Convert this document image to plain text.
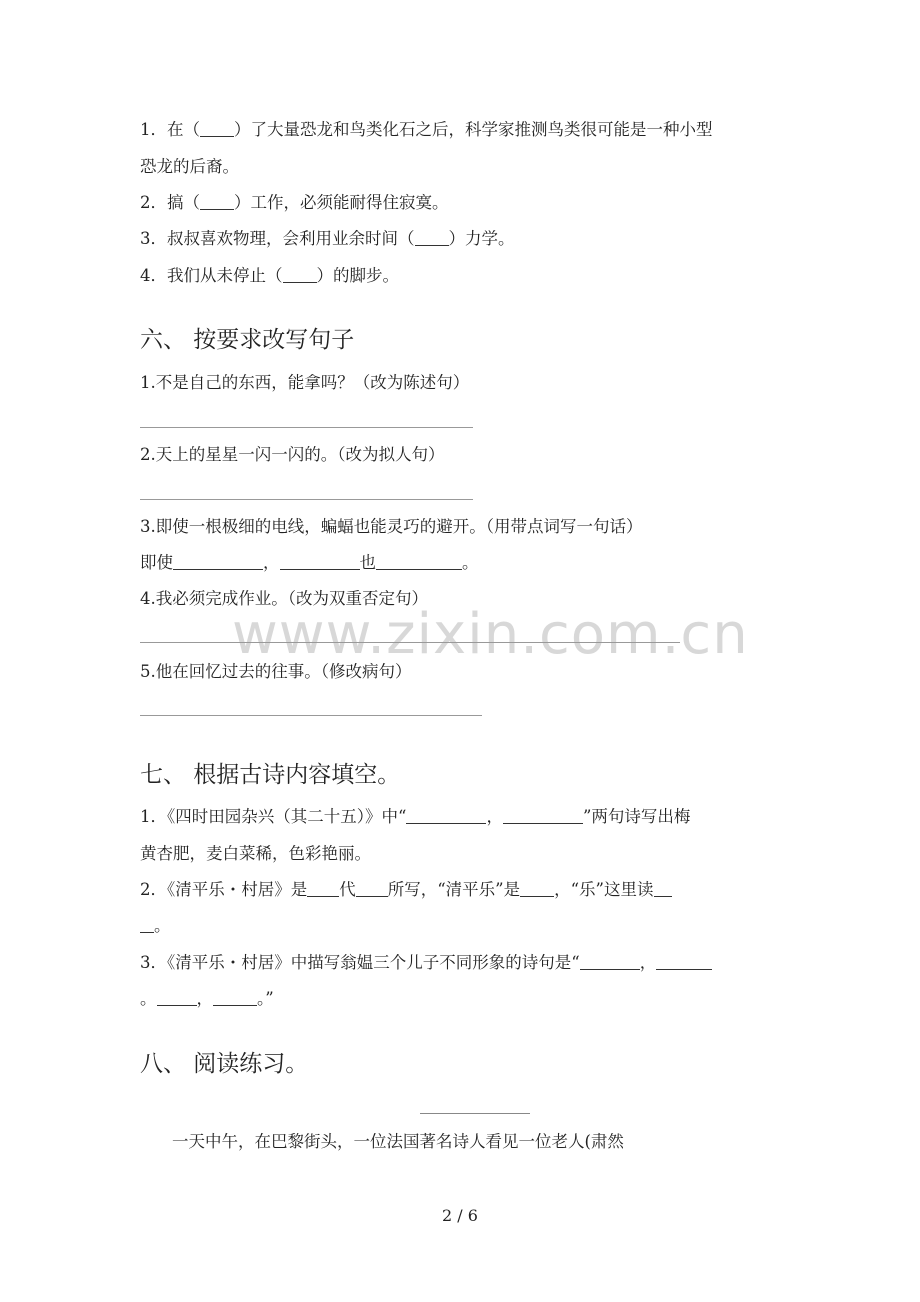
www.zixin.com.cn
1．在（ ）了大量恐龙和鸟类化石之后，科学家推测鸟类很可能是一种小型
恐龙的后裔。
2．搞（ ）工作，必须能耐得住寂寞。
3．叔叔喜欢物理，会利用业余时间（ ）力学。
4．我们从未停止（ ）的脚步。
六、 按要求改写句子
1.不是自己的东西，能拿吗？（改为陈述句）
2.天上的星星一闪一闪的。（改为拟人句）
3.即使一根极细的电线，蝙蝠也能灵巧的避开。（用带点词写一句话）
即使	，	也	。
4.我必须完成作业。（改为双重否定句）
5.他在回忆过去的往事。（修改病句）
七、 根据古诗内容填空。
1．《四时田园杂兴（其二十五）》中“	，	”两句诗写出梅
黄杏肥，麦白菜稀，色彩艳丽。
2．《清平乐・村居》是 代 所写，“清平乐”是 ，“乐”这里读
。
3．《清平乐・村居》中描写翁媪三个儿子不同形象的诗句是“	，
。 ，	。”
八、 阅读练习。
一天中午，在巴黎街头，一位法国著名诗人看见一位老人(肃然
2 / 6
